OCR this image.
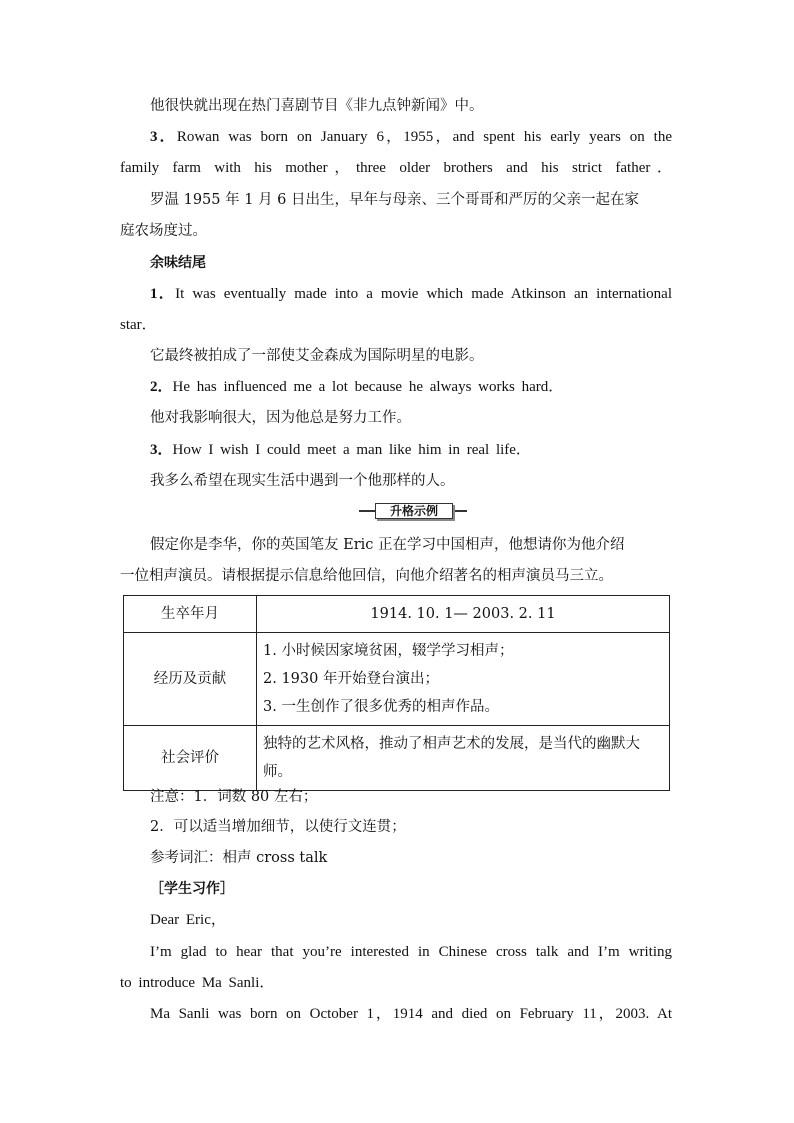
他很快就出现在热门喜剧节目《非九点钟新闻》中。
3．Rowan was born on January 6，1955，and spent his early years on the
family farm with his mother，three older brothers and his strict father．
罗温 1955 年 1 月 6 日出生，早年与母亲、三个哥哥和严厉的父亲一起在家
庭农场度过。
余味结尾
1．It was eventually made into a movie which made Atkinson an international
star．
它最终被拍成了一部使艾金森成为国际明星的电影。
2．He has influenced me a lot because he always works hard．
他对我影响很大，因为他总是努力工作。
3．How I wish I could meet a man like him in real life．
我多么希望在现实生活中遇到一个他那样的人。
升格示例
假定你是李华，你的英国笔友 Eric 正在学习中国相声，他想请你为他介绍
一位相声演员。请根据提示信息给他回信，向他介绍著名的相声演员马三立。
生卒年月	1914. 10. 1— 2003. 2. 11
经历及贡献	1. 小时候因家境贫困，辍学学习相声；
2. 1930 年开始登台演出；
3. 一生创作了很多优秀的相声作品。

社会评价	独特的艺术风格，推动了相声艺术的发展，是当代的幽默大师。
注意：1．词数 80 左右；
2．可以适当增加细节，以使行文连贯；
参考词汇：相声 cross talk
［学生习作］
Dear Eric，
I’m glad to hear that you’re interested in Chinese cross talk and I’m writing
to introduce Ma Sanli．
Ma Sanli was born on October 1，1914 and died on February 11，2003. At
